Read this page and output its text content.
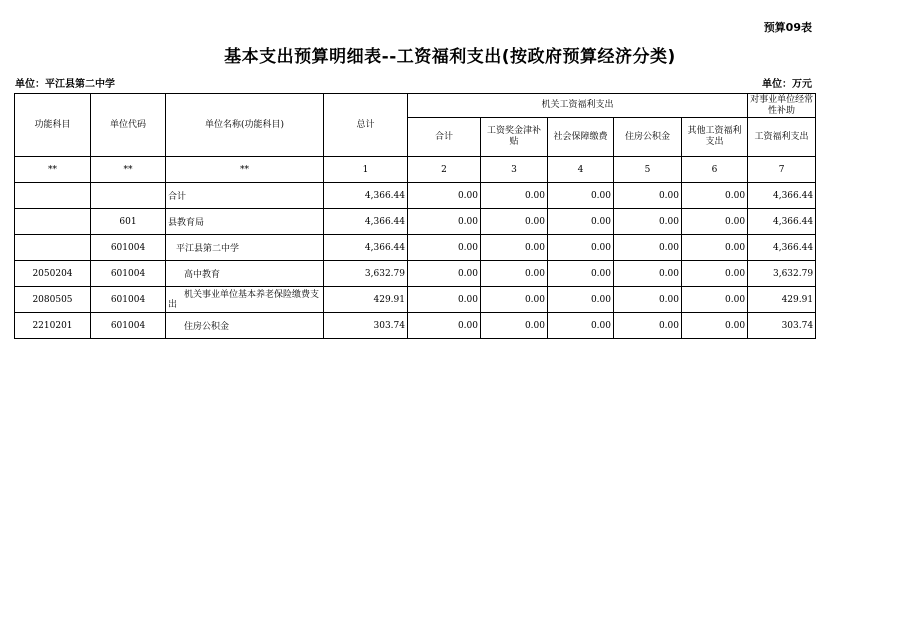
预算09表
基本支出预算明细表--工资福利支出(按政府预算经济分类)
单位：平江县第二中学	单位：万元
功能科目	单位代码	单位名称(功能科目)	总计	机关工资福利支出					对事业单位经常性补助
				合计	工资奖金津补贴	社会保障缴费	住房公积金	其他工资福利支出	工资福利支出
**	**	**	1	2	3	4	5	6	7
		合计	4,366.44	0.00	0.00	0.00	0.00	0.00	4,366.44
	601	县教育局	4,366.44	0.00	0.00	0.00	0.00	0.00	4,366.44
	601004	平江县第二中学	4,366.44	0.00	0.00	0.00	0.00	0.00	4,366.44
2050204	601004	高中教育	3,632.79	0.00	0.00	0.00	0.00	0.00	3,632.79
2080505	601004	机关事业单位基本养老保险缴费支出	429.91	0.00	0.00	0.00	0.00	0.00	429.91
2210201	601004	住房公积金	303.74	0.00	0.00	0.00	0.00	0.00	303.74
